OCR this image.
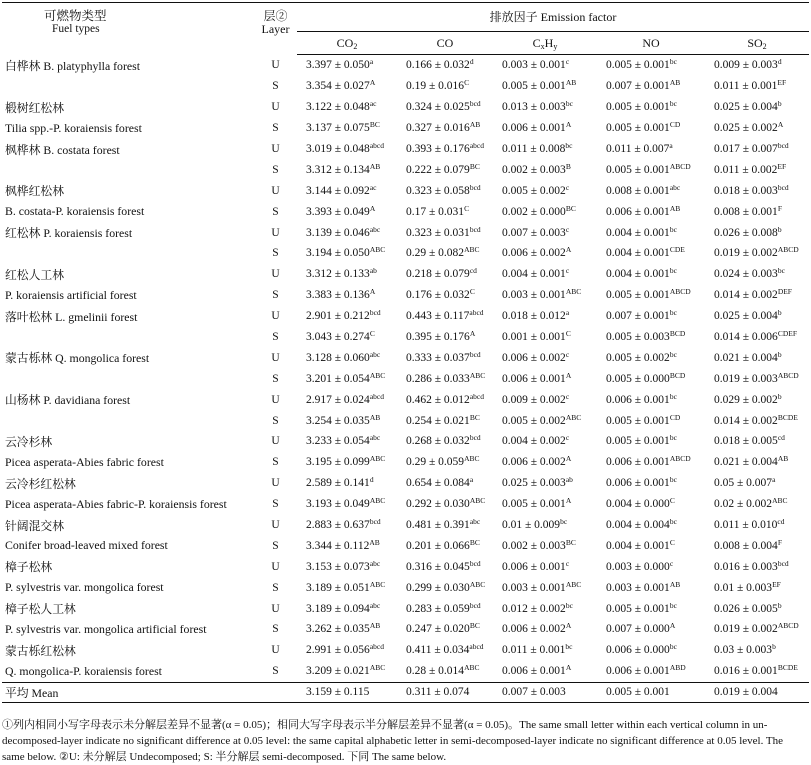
可燃物类型
Fuel types	层②
Layer	排放因子 Emission factor				
		$CO_2$	CO	$C_xH_y$	NO	$SO_2$
白桦林 B. platyphylla forest	U	3.397 ± 0.050$^a$	0.166 ± 0.032$^d$	0.003 ± 0.001$^c$	0.005 ± 0.001$^{bc}$	0.009 ± 0.003$^d$
	S	$3.354 \pm 0.027^A$	$0.19 \pm 0.016^C$	$0.005 \pm 0.001^{AB}$	$0.007 \pm 0.001^{AB}$	$0.011 \pm 0.001^{EF}$
椴树红松林	U	3.122 ± 0.048$^{ac}$	0.324 ± 0.025$^{bcd}$	0.013 ± 0.003$^{bc}$	0.005 ± 0.001$^{bc}$	0.025 ± 0.004$^b$
Tilia spp.-P. koraiensis forest	S	$3.137 \pm 0.075^{BC}$	$0.327 \pm 0.016^{AB}$	$0.006 \pm 0.001^A$	$0.005 \pm 0.001^{CD}$	$0.025 \pm 0.002^A$
枫桦林 B. costata forest	U	$3.019 \pm 0.048^{abcd}$	$0.393 \pm 0.176^{abcd}$	0.011 ± 0.008$^{bc}$	0.011 ± 0.007$^a$	0.017 ± 0.007$^{bcd}$
	S	$3.312 \pm 0.134^{AB}$	$0.222 \pm 0.079^{BC}$	$0.002 \pm 0.003^B$	$0.005 \pm 0.001^{ABCD}$	$0.011 \pm 0.002^{EF}$
枫桦红松林	U	3.144 ± 0.092$^{ac}$	0.323 ± 0.058$^{bcd}$	0.005 ± 0.002$^c$	0.008 ± 0.001$^{abc}$	0.018 ± 0.003$^{bcd}$
B. costata-P. koraiensis forest	S	$3.393 \pm 0.049^A$	$0.17 \pm 0.031^C$	$0.002 \pm 0.000^{BC}$	$0.006 \pm 0.001^{AB}$	$0.008 \pm 0.001^F$
红松林 P. koraiensis forest	U	3.139 ± 0.046$^{abc}$	0.323 ± 0.031$^{bcd}$	0.007 ± 0.003$^c$	0.004 ± 0.001$^{bc}$	0.026 ± 0.008$^b$
	S	$3.194 \pm 0.050^{ABC}$	$0.29 \pm 0.082^{ABC}$	$0.006 \pm 0.002^A$	$0.004 \pm 0.001^{CDE}$	$0.019 \pm 0.002^{ABCD}$
红松人工林	U	3.312 ± 0.133$^{ab}$	0.218 ± 0.079$^{cd}$	0.004 ± 0.001$^c$	0.004 ± 0.001$^{bc}$	0.024 ± 0.003$^{bc}$
P. koraiensis artificial forest	S	$3.383 \pm 0.136^A$	$0.176 \pm 0.032^C$	$0.003 \pm 0.001^{ABC}$	$0.005 \pm 0.001^{ABCD}$	$0.014 \pm 0.002^{DEF}$
落叶松林 L. gmelinii forest	U	2.901 ± 0.212$^{bcd}$	$0.443 \pm 0.117^{abcd}$	0.018 ± 0.012$^a$	0.007 ± 0.001$^{bc}$	0.025 ± 0.004$^b$
	S	$3.043 \pm 0.274^C$	$0.395 \pm 0.176^A$	$0.001 \pm 0.001^C$	$0.005 \pm 0.003^{BCD}$	$0.014 \pm 0.006^{CDEF}$
蒙古栎林 Q. mongolica forest	U	3.128 ± 0.060$^{abc}$	0.333 ± 0.037$^{bcd}$	0.006 ± 0.002$^c$	0.005 ± 0.002$^{bc}$	0.021 ± 0.004$^b$
	S	$3.201 \pm 0.054^{ABC}$	$0.286 \pm 0.033^{ABC}$	$0.006 \pm 0.001^A$	$0.005 \pm 0.000^{BCD}$	$0.019 \pm 0.003^{ABCD}$
山杨林 P. davidiana forest	U	$2.917 \pm 0.024^{abcd}$	$0.462 \pm 0.012^{abcd}$	0.009 ± 0.002$^c$	0.006 ± 0.001$^{bc}$	0.029 ± 0.002$^b$
	S	$3.254 \pm 0.035^{AB}$	$0.254 \pm 0.021^{BC}$	$0.005 \pm 0.002^{ABC}$	$0.005 \pm 0.001^{CD}$	$0.014 \pm 0.002^{BCDE}$
云冷杉林	U	3.233 ± 0.054$^{abc}$	0.268 ± 0.032$^{bcd}$	0.004 ± 0.002$^c$	0.005 ± 0.001$^{bc}$	0.018 ± 0.005$^{cd}$
Picea asperata-Abies fabric forest	S	$3.195 \pm 0.099^{ABC}$	$0.29 \pm 0.059^{ABC}$	$0.006 \pm 0.002^A$	$0.006 \pm 0.001^{ABCD}$	$0.021 \pm 0.004^{AB}$
云冷杉红松林	U	2.589 ± 0.141$^d$	0.654 ± 0.084$^a$	0.025 ± 0.003$^{ab}$	0.006 ± 0.001$^{bc}$	0.05 ± 0.007$^a$
Picea asperata-Abies fabric-P. koraiensis forest	S	$3.193 \pm 0.049^{ABC}$	$0.292 \pm 0.030^{ABC}$	$0.005 \pm 0.001^A$	$0.004 \pm 0.000^C$	$0.02 \pm 0.002^{ABC}$
针阔混交林	U	2.883 ± 0.637$^{bcd}$	0.481 ± 0.391$^{abc}$	0.01 ± 0.009$^{bc}$	0.004 ± 0.004$^{bc}$	0.011 ± 0.010$^{cd}$
Conifer broad-leaved mixed forest	S	$3.344 \pm 0.112^{AB}$	$0.201 \pm 0.066^{BC}$	$0.002 \pm 0.003^{BC}$	$0.004 \pm 0.001^C$	$0.008 \pm 0.004^F$
樟子松林	U	3.153 ± 0.073$^{abc}$	0.316 ± 0.045$^{bcd}$	0.006 ± 0.001$^c$	0.003 ± 0.000$^c$	0.016 ± 0.003$^{bcd}$
P. sylvestris var. mongolica forest	S	$3.189 \pm 0.051^{ABC}$	$0.299 \pm 0.030^{ABC}$	$0.003 \pm 0.001^{ABC}$	$0.003 \pm 0.001^{AB}$	$0.01 \pm 0.003^{EF}$
樟子松人工林	U	3.189 ± 0.094$^{abc}$	0.283 ± 0.059$^{bcd}$	0.012 ± 0.002$^{bc}$	0.005 ± 0.001$^{bc}$	0.026 ± 0.005$^b$
P. sylvestris var. mongolica artificial forest	S	$3.262 \pm 0.035^{AB}$	$0.247 \pm 0.020^{BC}$	$0.006 \pm 0.002^A$	$0.007 \pm 0.000^A$	$0.019 \pm 0.002^{ABCD}$
蒙古栎红松林	U	$2.991 \pm 0.056^{abcd}$	$0.411 \pm 0.034^{abcd}$	0.011 ± 0.001$^{bc}$	0.006 ± 0.000$^{bc}$	0.03 ± 0.003$^b$
Q. mongolica-P. koraiensis forest	S	$3.209 \pm 0.021^{ABC}$	$0.28 \pm 0.014^{ABC}$	$0.006 \pm 0.001^A$	$0.006 \pm 0.001^{ABD}$	$0.016 \pm 0.001^{BCDE}$
平均 Mean		3.159 ± 0.115	0.311 ± 0.074	0.007 ± 0.003	0.005 ± 0.001	0.019 ± 0.004

①列内相同小写字母表示未分解层差异不显著(α = 0.05)；相同大写字母表示半分解层差异不显著(α = 0.05)。The same small letter within each vertical column in un-decomposed-layer indicate no significant difference at 0.05 level: the same capital alphabetic letter in semi-decomposed-layer indicate no significant difference at 0.05 level. The same below. ②U: 未分解层 Undecomposed; S: 半分解层 semi-decomposed. 下同 The same below.
